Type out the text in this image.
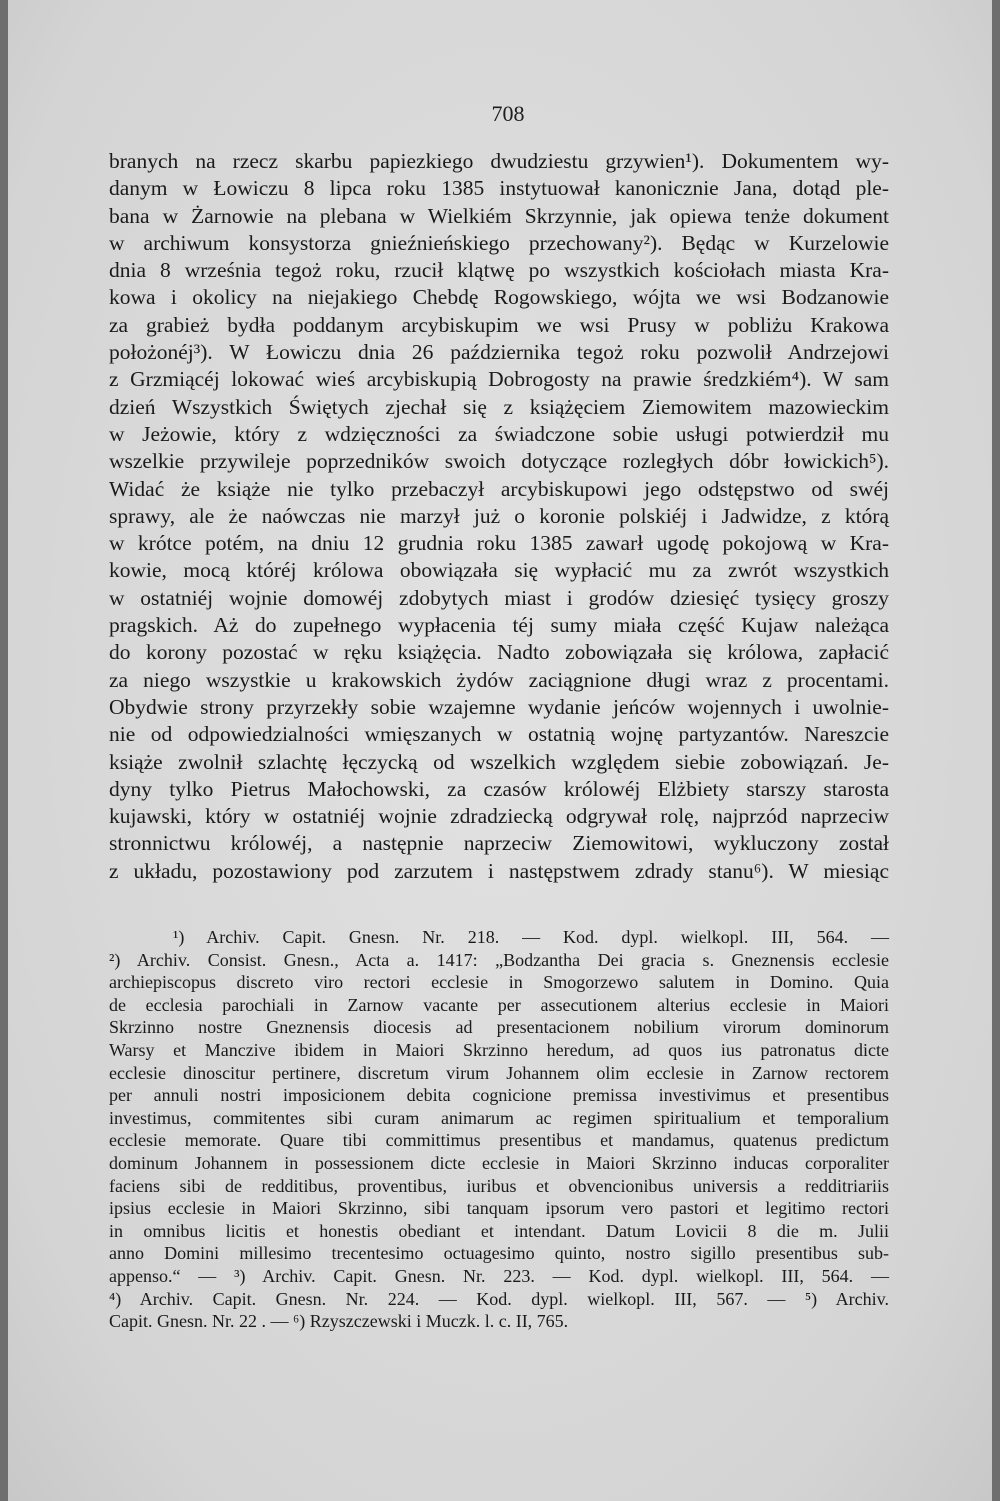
708
branych na rzecz skarbu papiezkiego dwudziestu grzywien¹). Dokumentem wy-
danym w Łowiczu 8 lipca roku 1385 instytuował kanonicznie Jana, dotąd ple-
bana w Żarnowie na plebana w Wielkiém Skrzynnie, jak opiewa tenże dokument
w archiwum konsystorza gnieźnieńskiego przechowany²). Będąc w Kurzelowie
dnia 8 września tegoż roku, rzucił klątwę po wszystkich kościołach miasta Kra-
kowa i okolicy na niejakiego Chebdę Rogowskiego, wójta we wsi Bodzanowie
za grabież bydła poddanym arcybiskupim we wsi Prusy w pobliżu Krakowa
położonéj³). W Łowiczu dnia 26 października tegoż roku pozwolił Andrzejowi
z Grzmiącéj lokować wieś arcybiskupią Dobrogosty na prawie średzkiém⁴). W sam
dzień Wszystkich Świętych zjechał się z książęciem Ziemowitem mazowieckim
w Jeżowie, który z wdzięczności za świadczone sobie usługi potwierdził mu
wszelkie przywileje poprzedników swoich dotyczące rozległych dóbr łowickich⁵).
Widać że książe nie tylko przebaczył arcybiskupowi jego odstępstwo od swéj
sprawy, ale że naówczas nie marzył już o koronie polskiéj i Jadwidze, z którą
w krótce potém, na dniu 12 grudnia roku 1385 zawarł ugodę pokojową w Kra-
kowie, mocą któréj królowa obowiązała się wypłacić mu za zwrót wszystkich
w ostatniéj wojnie domowéj zdobytych miast i grodów dziesięć tysięcy groszy
pragskich. Aż do zupełnego wypłacenia téj sumy miała część Kujaw należąca
do korony pozostać w ręku książęcia. Nadto zobowiązała się królowa, zapłacić
za niego wszystkie u krakowskich żydów zaciągnione długi wraz z procentami.
Obydwie strony przyrzekły sobie wzajemne wydanie jeńców wojennych i uwolnie-
nie od odpowiedzialności wmięszanych w ostatnią wojnę partyzantów. Nareszcie
książe zwolnił szlachtę łęczycką od wszelkich względem siebie zobowiązań. Je-
dyny tylko Pietrus Małochowski, za czasów królowéj Elżbiety starszy starosta
kujawski, który w ostatniéj wojnie zdradziecką odgrywał rolę, najprzód naprzeciw
stronnictwu królowéj, a następnie naprzeciw Ziemowitowi, wykluczony został
z układu, pozostawiony pod zarzutem i następstwem zdrady stanu⁶). W miesiąc
¹) Archiv. Capit. Gnesn. Nr. 218. — Kod. dypl. wielkopl. III, 564. —
²) Archiv. Consist. Gnesn., Acta a. 1417: „Bodzantha Dei gracia s. Gneznensis ecclesie
archiepiscopus discreto viro rectori ecclesie in Smogorzewo salutem in Domino. Quia
de ecclesia parochiali in Zarnow vacante per assecutionem alterius ecclesie in Maiori
Skrzinno nostre Gneznensis diocesis ad presentacionem nobilium virorum dominorum
Warsy et Manczive ibidem in Maiori Skrzinno heredum, ad quos ius patronatus dicte
ecclesie dinoscitur pertinere, discretum virum Johannem olim ecclesie in Zarnow rectorem
per annuli nostri imposicionem debita cognicione premissa investivimus et presentibus
investimus, commitentes sibi curam animarum ac regimen spiritualium et temporalium
ecclesie memorate. Quare tibi committimus presentibus et mandamus, quatenus predictum
dominum Johannem in possessionem dicte ecclesie in Maiori Skrzinno inducas corporaliter
faciens sibi de redditibus, proventibus, iuribus et obvencionibus universis a redditriariis
ipsius ecclesie in Maiori Skrzinno, sibi tanquam ipsorum vero pastori et legitimo rectori
in omnibus licitis et honestis obediant et intendant. Datum Lovicii 8 die m. Julii
anno Domini millesimo trecentesimo octuagesimo quinto, nostro sigillo presentibus sub-
appenso.“ — ³) Archiv. Capit. Gnesn. Nr. 223. — Kod. dypl. wielkopl. III, 564. —
⁴) Archiv. Capit. Gnesn. Nr. 224. — Kod. dypl. wielkopl. III, 567. — ⁵) Archiv.
Capit. Gnesn. Nr. 22 . — ⁶) Rzyszczewski i Muczk. l. c. II, 765.
